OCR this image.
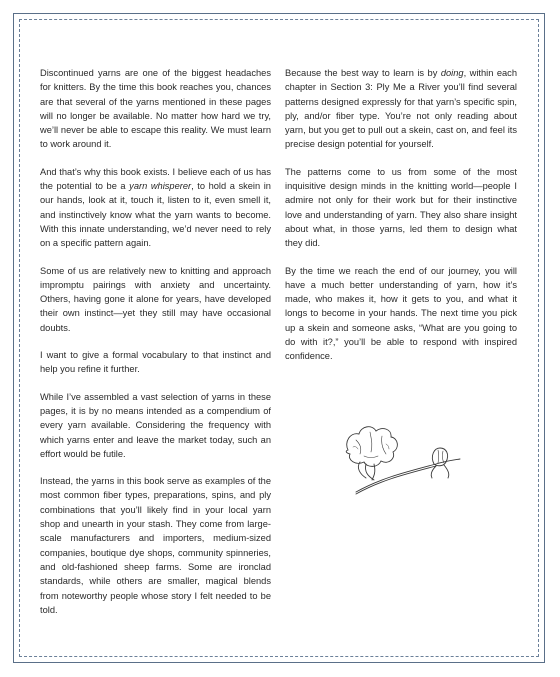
Discontinued yarns are one of the biggest headaches for knitters. By the time this book reaches you, chances are that several of the yarns mentioned in these pages will no longer be available. No matter how hard we try, we’ll never be able to escape this reality. We must learn to work around it.

And that’s why this book exists. I believe each of us has the potential to be a yarn whisperer, to hold a skein in our hands, look at it, touch it, listen to it, even smell it, and instinctively know what the yarn wants to become. With this innate understanding, we’d never need to rely on a specific pattern again.

Some of us are relatively new to knitting and approach impromptu pairings with anxiety and uncertainty. Others, having gone it alone for years, have developed their own instinct—yet they still may have occasional doubts.

I want to give a formal vocabulary to that instinct and help you refine it further.

While I’ve assembled a vast selection of yarns in these pages, it is by no means intended as a compendium of every yarn available. Considering the frequency with which yarns enter and leave the market today, such an effort would be futile.

Instead, the yarns in this book serve as examples of the most common fiber types, preparations, spins, and ply combinations that you’ll likely find in your local yarn shop and unearth in your stash. They come from large-scale manufacturers and importers, medium-sized companies, boutique dye shops, community spinneries, and old-fashioned sheep farms. Some are ironclad standards, while others are smaller, magical blends from noteworthy people whose story I felt needed to be told.

Because the best way to learn is by doing, within each chapter in Section 3: Ply Me a River you’ll find several patterns designed expressly for that yarn’s specific spin, ply, and/or fiber type. You’re not only reading about yarn, but you get to pull out a skein, cast on, and feel its precise design potential for yourself.

The patterns come to us from some of the most inquisitive design minds in the knitting world—people I admire not only for their work but for their instinctive love and understanding of yarn. They also share insight about what, in those yarns, led them to design what they did.

By the time we reach the end of our journey, you will have a much better understanding of yarn, how it’s made, who makes it, how it gets to you, and what it longs to become in your hands. The next time you pick up a skein and someone asks, “What are you going to do with it?,” you’ll be able to respond with inspired confidence.
